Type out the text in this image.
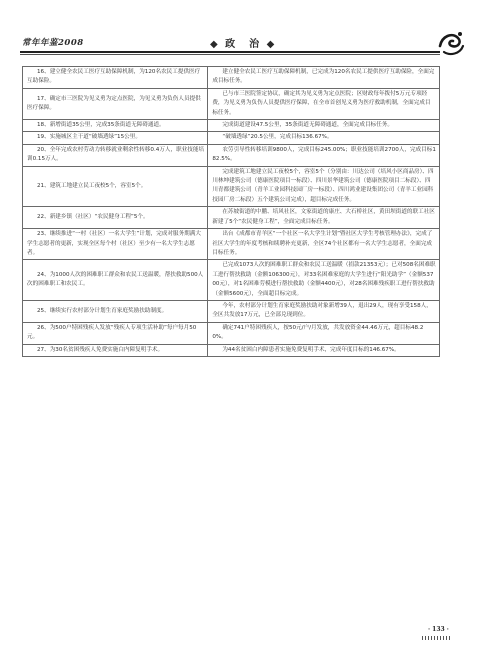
常年年鉴2008	◆ 政　治 ◆
16、建立健全农民工医疗互助保障机制，为120名农民工提供医疗互助保险。	建立健全农民工医疗互助保障机制，已完成为120名农民工提供医疗互助保险，全面完成目标任务。
17、确定市三医院为见义勇为定点医院，为见义勇为负伤人员提供医疗保障。	已与市三医院签定协议，确定其为见义勇为定点医院；区财政每年拨付5万元专项经费，为见义勇为负伤人员提供医疗保障，在全市首创见义勇为医疗救助机制，全面完成目标任务。
18、新增街道35公里，完成35条街道无障碍通道。	完成街道建设47.5公里，35条街道无障碍通道，全面完成目标任务。
19、实施城区主干道“破墙透绿”15公里。	“破墙透绿”20.5公里，完成目标136.67%。
20、全年完成农村劳动力转移就业剩余性转移0.4万人，职业技能培训0.15万人。	农劳引导性转移培训9800人，完成目标245.00%；职业技能培训2700人，完成目标182.5%。
21、建筑工地建立民工夜校5个，容室5个。	完成建筑工地建立民工夜校5个，容室5个（分别由：川达公司（培风小区商品房）、四川林坤建筑公司（德康医院项目一标段）、四川景华建筑公司（德康医院项目二标段）、四川青都建筑公司（青羊工业园科技园厂房一标段）、四川鸿业建设集团公司（青羊工业园科技园厂房二标段）五个建筑公司完成），超目标完成任务。
22、新建乡镇（社区）“农民健身工程”5个。	在苏坡街道的中鹏、培风社区，文家街道的康庄、大石桥社区，黄田坝街道的联工社区新建了5个“农民健身工程”，全面完成目标任务。
23、继续推进“一村（社区）一名大学生”计划，完成对服务期满大学生志愿者的更新，实现全区每个村（社区）至少有一名大学生志愿者。	出台《成都市青羊区“一个社区一名大学生计划”暨社区大学生考核管理办法》，完成了社区大学生的年度考核和续聘补充更新，全区74个社区都有一名大学生志愿者，全面完成目标任务。
24、为1000人次的困难职工群众和农民工送温暖，帮扶救助500人次的困难职工和农民工。	已完成1073人次的困难职工群众和农民工送温暖（捐款21353元）；已对508名困难职工进行帮扶救助（金额106300元），对33名困难家庭的大学生进行“阳光助学”（金额53700元），对1名困难劳模进行帮扶救助（金额4400元），对28名困难残疾职工进行帮扶救助（金额5600元），全面超目标完成。
25、继续实行农村部分计划生育家庭奖励扶助制度。	今年，农村部分计划生育家庭奖励扶助对象新增39人，退出29人，现有享受158人，全区共发放17万元，已全部兑现到位。
26、为500户特困残疾人发放“残疾人专项生活补助”每户每月50元。	确定741户特困残疾人，按50元/户/月发放，共发放资金44.46万元，超目标48.20%。
27、为30名贫困残疾人免费实施白内障复明手术。	为44名贫困白内障患者实施免费复明手术，完成年度目标的146.67%。
· 133 ·
